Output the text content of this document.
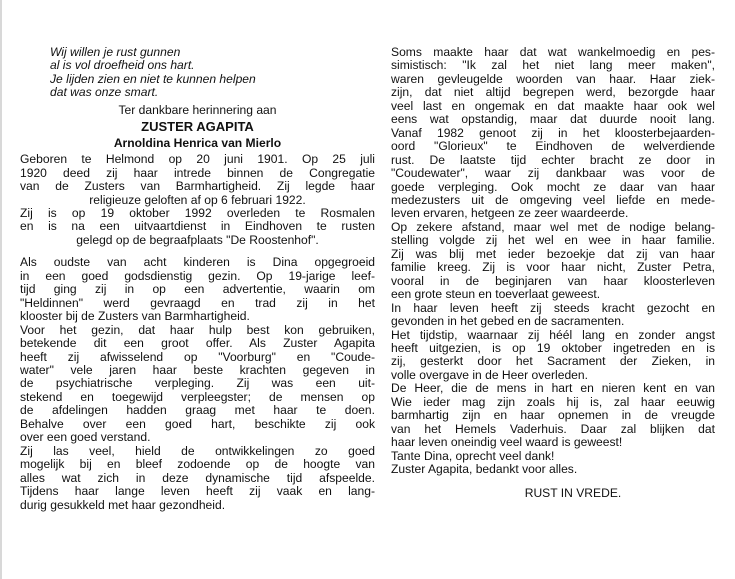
Wij willen je rust gunnen
al is vol droefheid ons hart.
Je lijden zien en niet te kunnen helpen
dat was onze smart.
Ter dankbare herinnering aan
ZUSTER AGAPITA
Arnoldina Henrica van Mierlo
Geboren te Helmond op 20 juni 1901. Op 25 juli
1920 deed zij haar intrede binnen de Congregatie
van de Zusters van Barmhartigheid. Zij legde haar
religieuze geloften af op 6 februari 1922.
Zij is op 19 oktober 1992 overleden te Rosmalen
en is na een uitvaartdienst in Eindhoven te rusten
gelegd op de begraafplaats "De Roostenhof".
Als oudste van acht kinderen is Dina opgegroeid
in een goed godsdienstig gezin. Op 19-jarige leef-
tijd ging zij in op een advertentie, waarin om
"Heldinnen" werd gevraagd en trad zij in het
klooster bij de Zusters van Barmhartigheid.
Voor het gezin, dat haar hulp best kon gebruiken,
betekende dit een groot offer. Als Zuster Agapita
heeft zij afwisselend op "Voorburg" en "Coude-
water" vele jaren haar beste krachten gegeven in
de psychiatrische verpleging. Zij was een uit-
stekend en toegewijd verpleegster; de mensen op
de afdelingen hadden graag met haar te doen.
Behalve over een goed hart, beschikte zij ook
over een goed verstand.
Zij las veel, hield de ontwikkelingen zo goed
mogelijk bij en bleef zodoende op de hoogte van
alles wat zich in deze dynamische tijd afspeelde.
Tijdens haar lange leven heeft zij vaak en lang-
durig gesukkeld met haar gezondheid.
Soms maakte haar dat wat wankelmoedig en pes-
simistisch: "Ik zal het niet lang meer maken",
waren gevleugelde woorden van haar. Haar ziek-
zijn, dat niet altijd begrepen werd, bezorgde haar
veel last en ongemak en dat maakte haar ook wel
eens wat opstandig, maar dat duurde nooit lang.
Vanaf 1982 genoot zij in het kloosterbejaarden-
oord "Glorieux" te Eindhoven de welverdiende
rust. De laatste tijd echter bracht ze door in
"Coudewater", waar zij dankbaar was voor de
goede verpleging. Ook mocht ze daar van haar
medezusters uit de omgeving veel liefde en mede-
leven ervaren, hetgeen ze zeer waardeerde.
Op zekere afstand, maar wel met de nodige belang-
stelling volgde zij het wel en wee in haar familie.
Zij was blij met ieder bezoekje dat zij van haar
familie kreeg. Zij is voor haar nicht, Zuster Petra,
vooral in de beginjaren van haar kloosterleven
een grote steun en toeverlaat geweest.
In haar leven heeft zij steeds kracht gezocht en
gevonden in het gebed en de sacramenten.
Het tijdstip, waarnaar zij héél lang en zonder angst
heeft uitgezien, is op 19 oktober ingetreden en is
zij, gesterkt door het Sacrament der Zieken, in
volle overgave in de Heer overleden.
De Heer, die de mens in hart en nieren kent en van
Wie ieder mag zijn zoals hij is, zal haar eeuwig
barmhartig zijn en haar opnemen in de vreugde
van het Hemels Vaderhuis. Daar zal blijken dat
haar leven oneindig veel waard is geweest!
Tante Dina, oprecht veel dank!
Zuster Agapita, bedankt voor alles.
RUST IN VREDE.
